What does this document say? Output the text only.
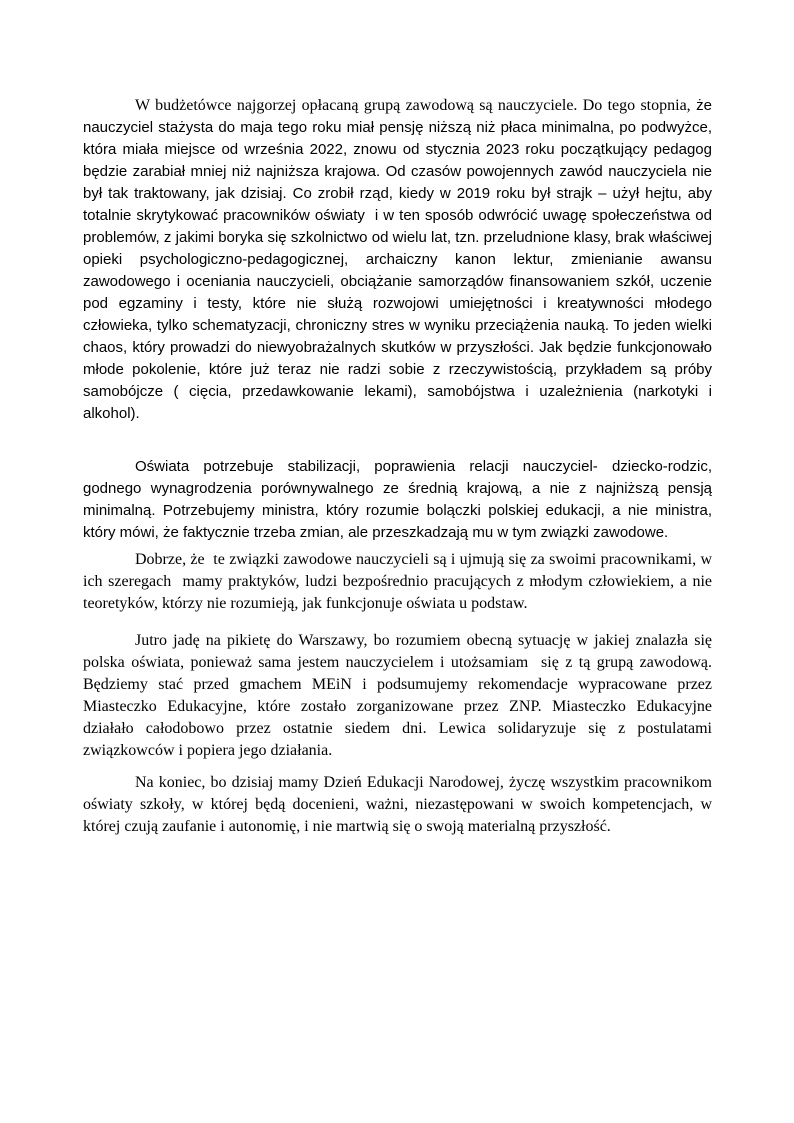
W budżetówce najgorzej opłacaną grupą zawodową są nauczyciele. Do tego stopnia, że nauczyciel stażysta do maja tego roku miał pensję niższą niż płaca minimalna, po podwyżce, która miała miejsce od września 2022, znowu od stycznia 2023 roku początkujący pedagog będzie zarabiał mniej niż najniższa krajowa. Od czasów powojennych zawód nauczyciela nie był tak traktowany, jak dzisiaj. Co zrobił rząd, kiedy w 2019 roku był strajk – użył hejtu, aby totalnie skrytykować pracowników oświaty  i w ten sposób odwrócić uwagę społeczeństwa od problemów, z jakimi boryka się szkolnictwo od wielu lat, tzn. przeludnione klasy, brak właściwej opieki psychologiczno-pedagogicznej, archaiczny kanon lektur, zmienianie awansu zawodowego i oceniania nauczycieli, obciążanie samorządów finansowaniem szkół, uczenie pod egzaminy i testy, które nie służą rozwojowi umiejętności i kreatywności młodego człowieka, tylko schematyzacji, chroniczny stres w wyniku przeciążenia nauką. To jeden wielki chaos, który prowadzi do niewyobrażalnych skutków w przyszłości. Jak będzie funkcjonowało młode pokolenie, które już teraz nie radzi sobie z rzeczywistością, przykładem są próby samobójcze ( cięcia, przedawkowanie lekami), samobójstwa i uzależnienia (narkotyki i alkohol).

Oświata potrzebuje stabilizacji, poprawienia relacji nauczyciel- dziecko-rodzic, godnego wynagrodzenia porównywalnego ze średnią krajową, a nie z najniższą pensją minimalną. Potrzebujemy ministra, który rozumie bolączki polskiej edukacji, a nie ministra, który mówi, że faktycznie trzeba zmian, ale przeszkadzają mu w tym związki zawodowe.

Dobrze, że  te związki zawodowe nauczycieli są i ujmują się za swoimi pracownikami, w ich szeregach  mamy praktyków, ludzi bezpośrednio pracujących z młodym człowiekiem, a nie teoretyków, którzy nie rozumieją, jak funkcjonuje oświata u podstaw.

Jutro jadę na pikietę do Warszawy, bo rozumiem obecną sytuację w jakiej znalazła się polska oświata, ponieważ sama jestem nauczycielem i utożsamiam  się z tą grupą zawodową. Będziemy stać przed gmachem MEiN i podsumujemy rekomendacje wypracowane przez Miasteczko Edukacyjne, które zostało zorganizowane przez ZNP. Miasteczko Edukacyjne działało całodobowo przez ostatnie siedem dni. Lewica solidaryzuje się z postulatami związkowców i popiera jego działania.

Na koniec, bo dzisiaj mamy Dzień Edukacji Narodowej, życzę wszystkim pracownikom oświaty szkoły, w której będą docenieni, ważni, niezastępowani w swoich kompetencjach, w której czują zaufanie i autonomię, i nie martwią się o swoją materialną przyszłość.
